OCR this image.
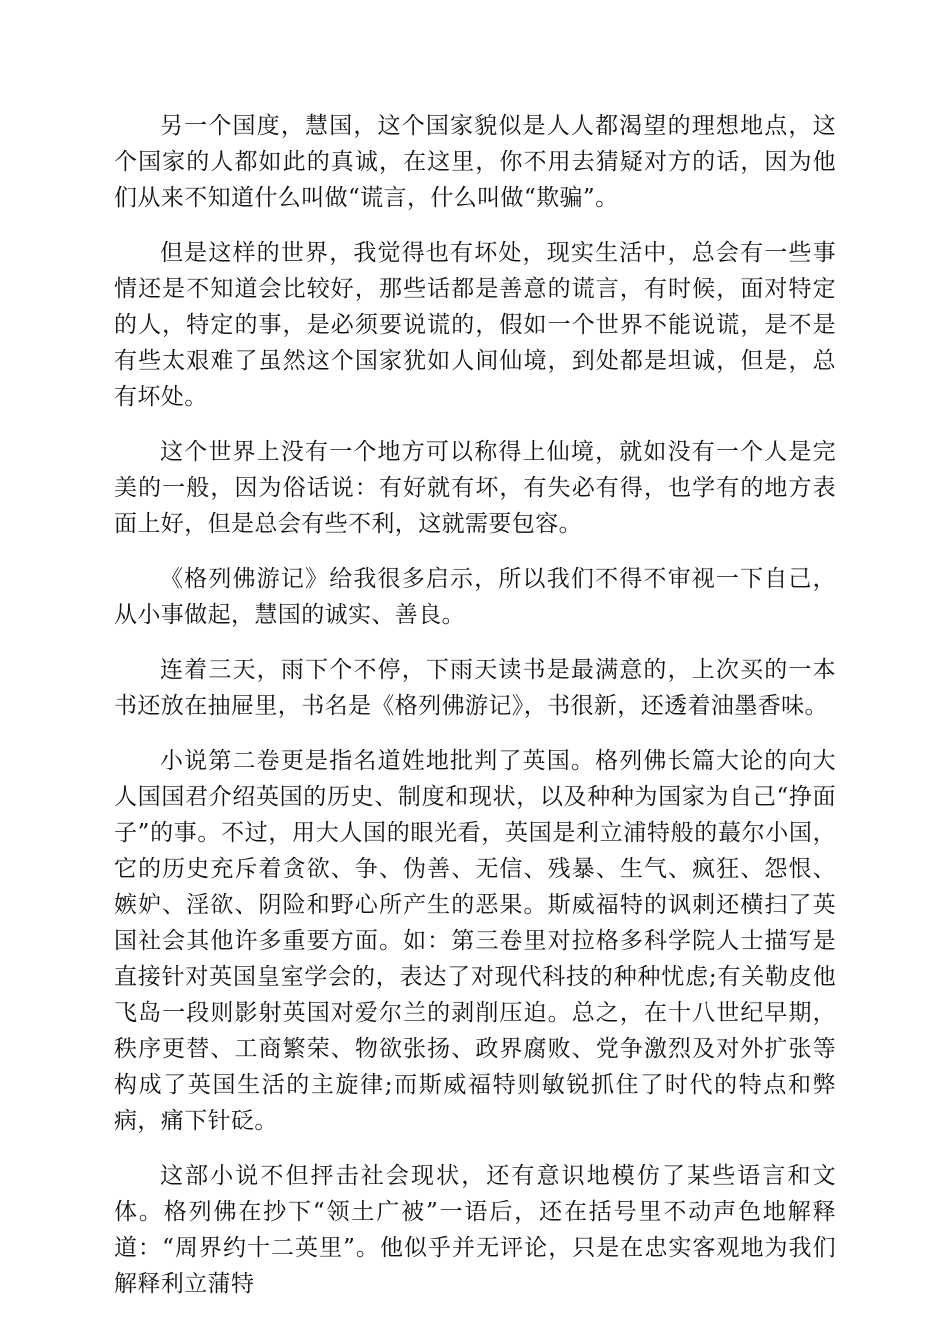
另一个国度，慧国，这个国家貌似是人人都渴望的理想地点，这个国家的人都如此的真诚，在这里，你不用去猜疑对方的话，因为他们从来不知道什么叫做“谎言，什么叫做“欺骗”。

但是这样的世界，我觉得也有坏处，现实生活中，总会有一些事情还是不知道会比较好，那些话都是善意的谎言，有时候，面对特定的人，特定的事，是必须要说谎的，假如一个世界不能说谎，是不是有些太艰难了虽然这个国家犹如人间仙境，到处都是坦诚，但是，总有坏处。

这个世界上没有一个地方可以称得上仙境，就如没有一个人是完美的一般，因为俗话说：有好就有坏，有失必有得，也学有的地方表面上好，但是总会有些不利，这就需要包容。

《格列佛游记》给我很多启示，所以我们不得不审视一下自己，从小事做起，慧国的诚实、善良。

连着三天，雨下个不停，下雨天读书是最满意的，上次买的一本书还放在抽屉里，书名是《格列佛游记》，书很新，还透着油墨香味。

小说第二卷更是指名道姓地批判了英国。格列佛长篇大论的向大人国国君介绍英国的历史、制度和现状，以及种种为国家为自己“挣面子”的事。不过，用大人国的眼光看，英国是利立浦特般的蕞尔小国，它的历史充斥着贪欲、争、伪善、无信、残暴、生气、疯狂、怨恨、嫉妒、淫欲、阴险和野心所产生的恶果。斯威福特的讽刺还横扫了英国社会其他许多重要方面。如：第三卷里对拉格多科学院人士描写是直接针对英国皇室学会的，表达了对现代科技的种种忧虑;有关勒皮他飞岛一段则影射英国对爱尔兰的剥削压迫。总之，在十八世纪早期，秩序更替、工商繁荣、物欲张扬、政界腐败、党争激烈及对外扩张等构成了英国生活的主旋律;而斯威福特则敏锐抓住了时代的特点和弊病，痛下针砭。

这部小说不但抨击社会现状，还有意识地模仿了某些语言和文体。格列佛在抄下“领土广被”一语后，还在括号里不动声色地解释道：“周界约十二英里”。他似乎并无评论，只是在忠实客观地为我们解释利立蒲特
